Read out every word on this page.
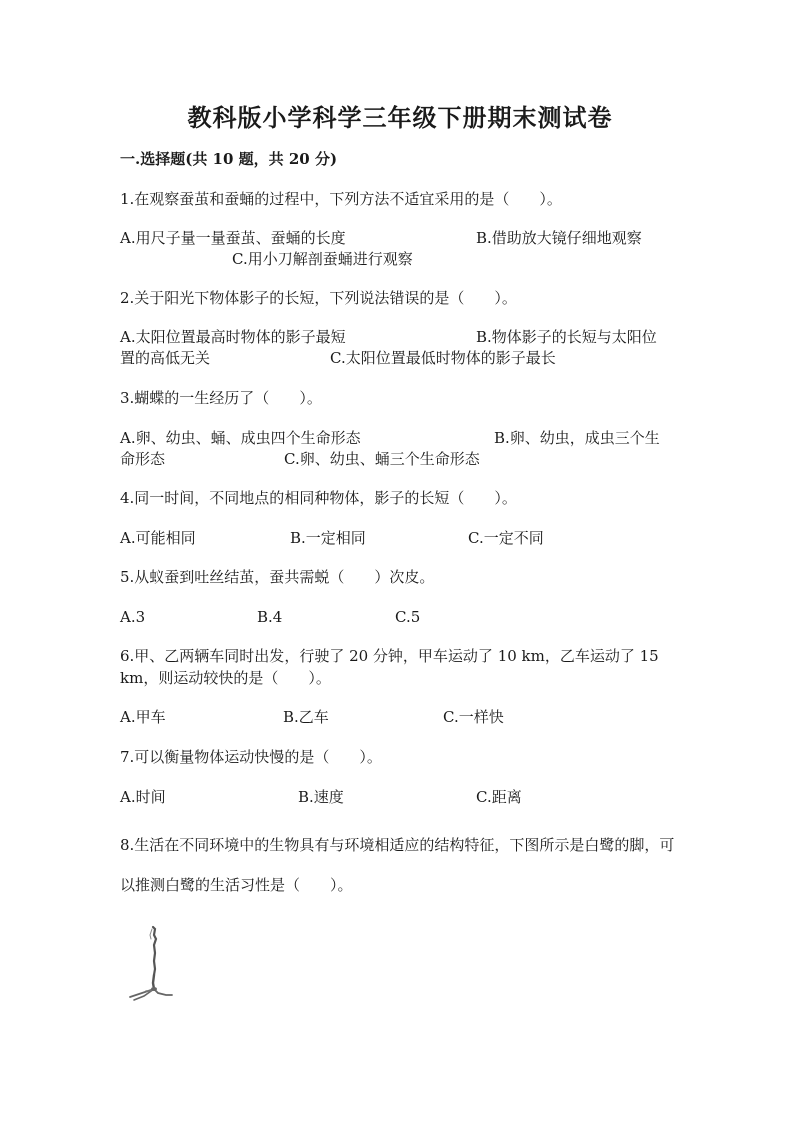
教科版小学科学三年级下册期末测试卷
一.选择题(共 10 题，共 20 分)
1.在观察蚕茧和蚕蛹的过程中，下列方法不适宜采用的是（　　）。
A.用尺子量一量蚕茧、蚕蛹的长度	B.借助放大镜仔细地观察
C.用小刀解剖蚕蛹进行观察
2.关于阳光下物体影子的长短，下列说法错误的是（　　）。
A.太阳位置最高时物体的影子最短	B.物体影子的长短与太阳位
置的高低无关	C.太阳位置最低时物体的影子最长
3.蝴蝶的一生经历了（　　）。
A.卵、幼虫、蛹、成虫四个生命形态	B.卵、幼虫，成虫三个生
命形态	C.卵、幼虫、蛹三个生命形态
4.同一时间，不同地点的相同种物体，影子的长短（　　）。
A.可能相同	B.一定相同	C.一定不同
5.从蚁蚕到吐丝结茧，蚕共需蜕（　　）次皮。
A.3	B.4	C.5
6.甲、乙两辆车同时出发，行驶了 20 分钟，甲车运动了 10 km，乙车运动了 15 km，则运动较快的是（　　）。
A.甲车	B.乙车	C.一样快
7.可以衡量物体运动快慢的是（　　）。
A.时间	B.速度	C.距离
8.生活在不同环境中的生物具有与环境相适应的结构特征，下图所示是白鹭的脚，可以推测白鹭的生活习性是（　　）。
